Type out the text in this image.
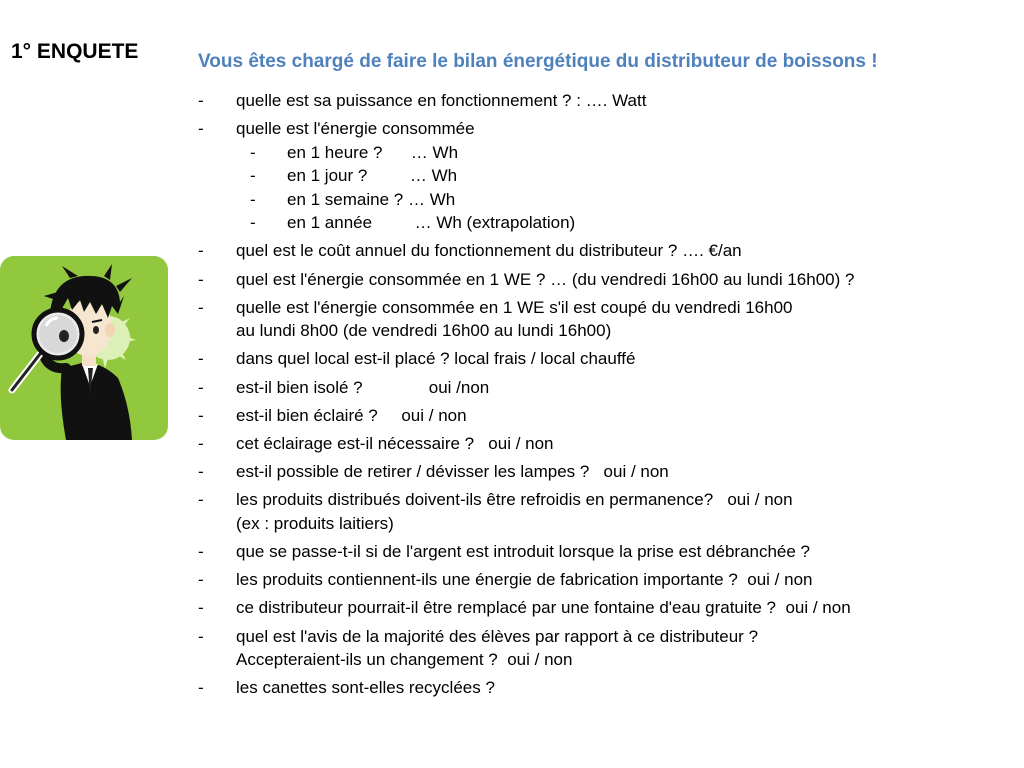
1° ENQUETE	Vous êtes chargé de faire le bilan énergétique du distributeur de boissons !
-	quelle est sa puissance en fonctionnement ? : …. Watt
-	quelle est l'énergie consommée
-	en 1 heure ?      … Wh
-	en 1 jour ?         … Wh
-	en 1 semaine ? … Wh
-	en 1 année         … Wh (extrapolation)
-	quel est le coût annuel du fonctionnement du distributeur ? …. €/an
-	quel est l'énergie consommée en 1 WE ? … (du vendredi 16h00 au lundi 16h00) ?
-	quelle est l'énergie consommée en 1 WE s'il est coupé du vendredi 16h00
au lundi 8h00 (de vendredi 16h00 au lundi 16h00)
-	dans quel local est-il placé ? local frais / local chauffé
-	est-il bien isolé ?              oui /non
-	est-il bien éclairé ?     oui / non
-	cet éclairage est-il nécessaire ?   oui / non
-	est-il possible de retirer / dévisser les lampes ?   oui / non
-	les produits distribués doivent-ils être refroidis en permanence?   oui / non
(ex : produits laitiers)
-	que se passe-t-il si de l'argent est introduit lorsque la prise est débranchée ?
-	les produits contiennent-ils une énergie de fabrication importante ?  oui / non
-	ce distributeur pourrait-il être remplacé par une fontaine d'eau gratuite ?  oui / non
-	quel est l'avis de la majorité des élèves par rapport à ce distributeur ?
Accepteraient-ils un changement ?  oui / non
-	les canettes sont-elles recyclées ?
